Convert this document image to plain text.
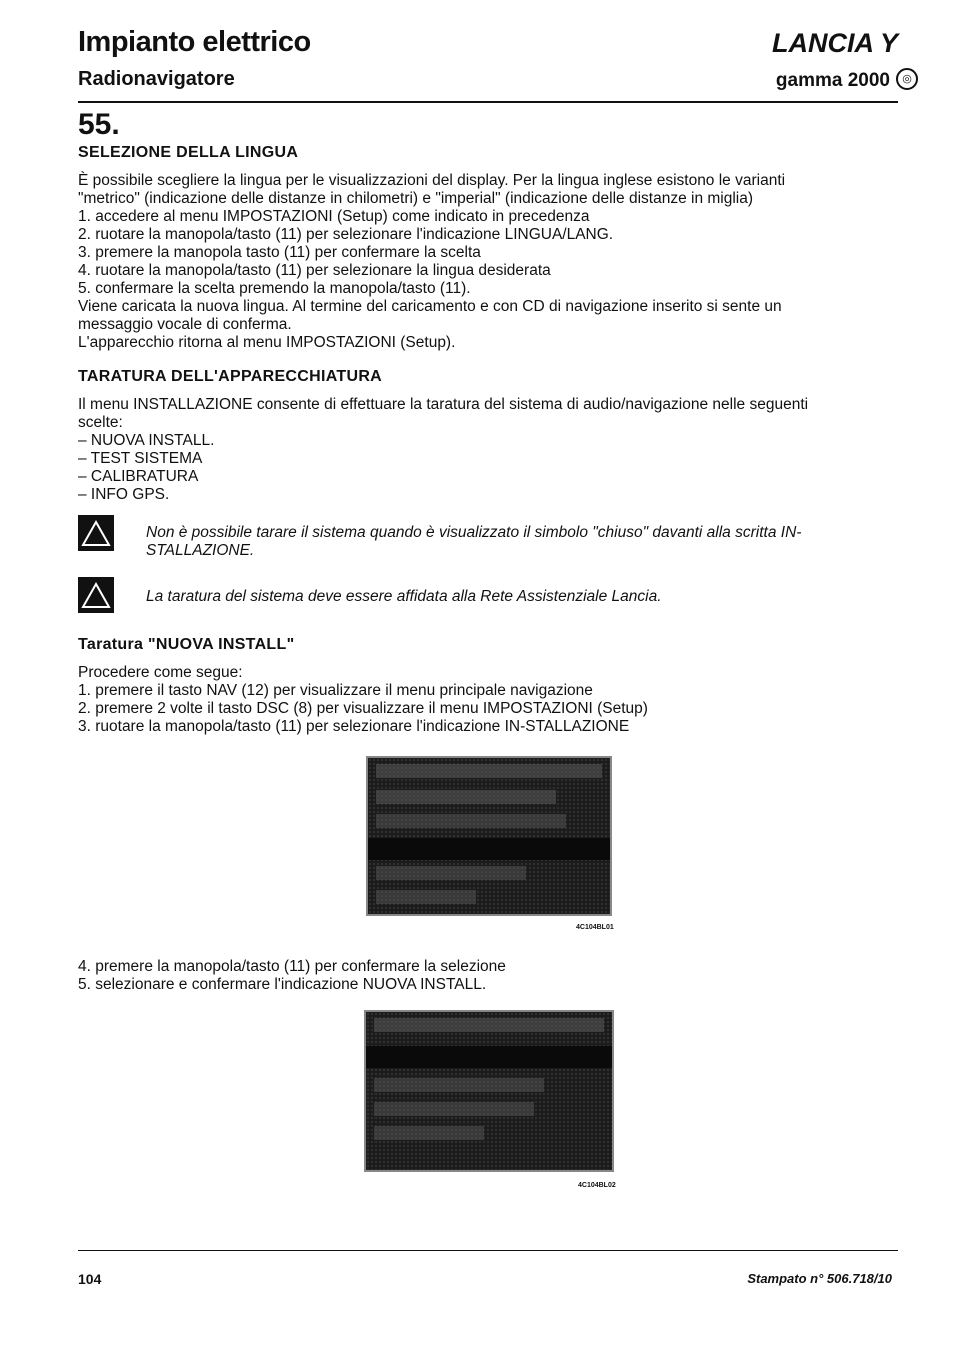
Impianto elettrico
Radionavigatore
LANCIA Y
gamma 2000	◎
55.
SELEZIONE DELLA LINGUA
È possibile scegliere la lingua per le visualizzazioni del display. Per la lingua inglese esistono le varianti
"metrico" (indicazione delle distanze in chilometri) e "imperial" (indicazione delle distanze in miglia)
1. accedere al menu IMPOSTAZIONI (Setup) come indicato in precedenza
2. ruotare la manopola/tasto (11) per selezionare l'indicazione LINGUA/LANG.
3. premere la manopola tasto (11) per confermare la scelta
4. ruotare la manopola/tasto (11) per selezionare la lingua desiderata
5. confermare la scelta premendo la manopola/tasto (11).
Viene caricata la nuova lingua. Al termine del caricamento e con CD di navigazione inserito si sente un
messaggio vocale di conferma.
L'apparecchio ritorna al menu IMPOSTAZIONI (Setup).
TARATURA DELL'APPARECCHIATURA
Il menu INSTALLAZIONE consente di effettuare la taratura del sistema di audio/navigazione nelle seguenti
scelte:
– NUOVA INSTALL.
– TEST SISTEMA
– CALIBRATURA
– INFO GPS.
Non è possibile tarare il sistema quando è visualizzato il simbolo "chiuso" davanti alla scritta IN-
STALLAZIONE.
La taratura del sistema deve essere affidata alla Rete Assistenziale Lancia.
Taratura "NUOVA INSTALL"
Procedere come segue:
1. premere il tasto NAV (12) per visualizzare il menu principale navigazione
2. premere 2 volte il tasto DSC (8) per visualizzare il menu IMPOSTAZIONI (Setup)
3. ruotare la manopola/tasto (11) per selezionare l'indicazione IN-STALLAZIONE
4C104BL01
4. premere la manopola/tasto (11) per confermare la selezione
5. selezionare e confermare l'indicazione NUOVA INSTALL.
4C104BL02
104	Stampato n° 506.718/10
